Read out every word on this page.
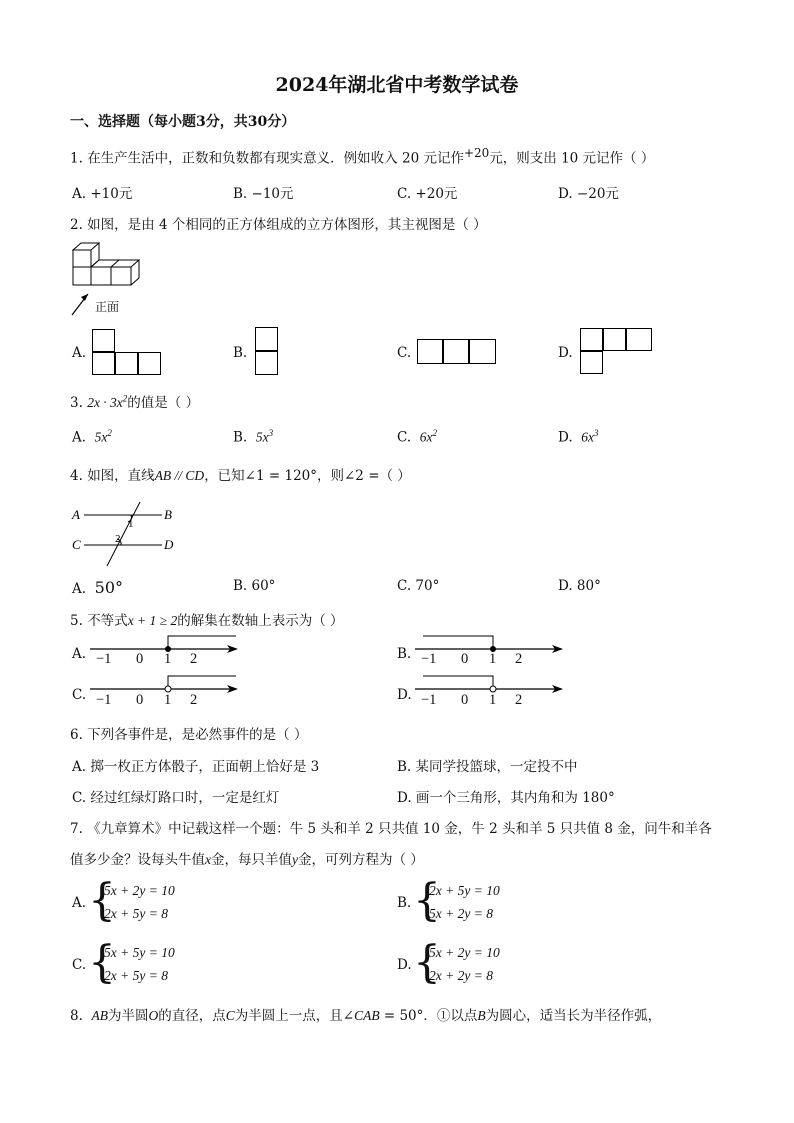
2024年湖北省中考数学试卷
一、选择题（每小题3分，共30分）
1. 在生产生活中，正数和负数都有现实意义．例如收入 20 元记作$^{+20}$元，则支出 10 元记作（ ）
A. +10元	B. −10元	C. +20元	D. −20元
2. 如图，是由 4 个相同的正方体组成的立方体图形，其主视图是（ ）
正面
A.	B.	C.	D.
3. $2x \cdot 3x^2$的值是（ ）
A. $5x^2$	B. $5x^3$	C. $6x^2$	D. $6x^3$
4. 如图，直线AB // CD，已知∠1 = 120°，则∠2 =（ ）
A	B
C	D
1
2
A. 50°	B. 60°	C. 70°	D. 80°
5. 不等式x + 1 ≥ 2的解集在数轴上表示为（ ）
A. −1 0 1 2	B. −1 0 1 2
C. −1 0 1 2	D. −1 0 1 2
6. 下列各事件是，是必然事件的是（ ）
A. 掷一枚正方体骰子，正面朝上恰好是 3	B. 某同学投篮球，一定投不中
C. 经过红绿灯路口时，一定是红灯	D. 画一个三角形，其内角和为 180°
7. 《九章算术》中记载这样一个题：牛 5 头和羊 2 只共值 10 金，牛 2 头和羊 5 只共值 8 金，问牛和羊各
值多少金？设每头牛值x金，每只羊值y金，可列方程为（ ）
A. {
5x + 2y = 10
2x + 5y = 8
B. {
2x + 5y = 10
5x + 2y = 8
C. {
5x + 5y = 10
2x + 5y = 8
D. {
5x + 2y = 10
2x + 2y = 8
8. AB为半圆O的直径，点C为半圆上一点，且∠CAB = 50°．①以点B为圆心，适当长为半径作弧，
